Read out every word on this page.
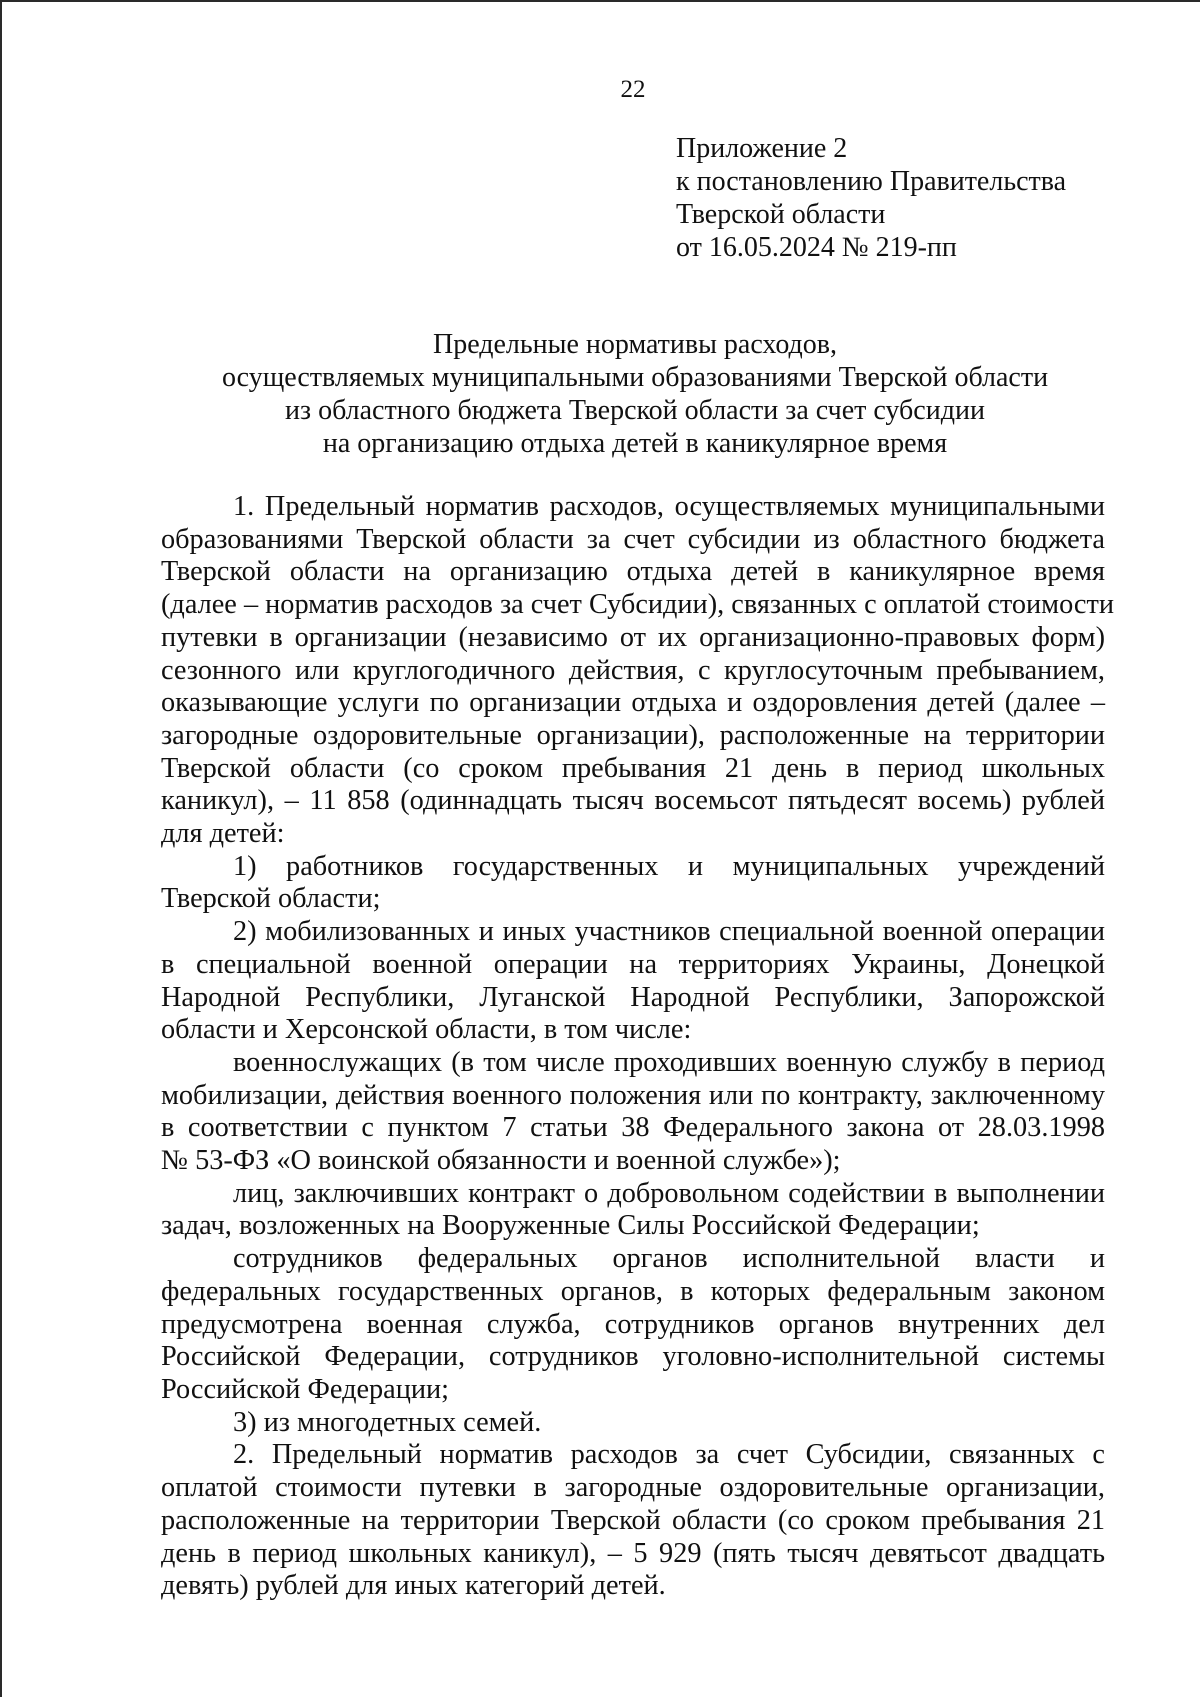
22
Приложение 2
к постановлению Правительства
Тверской области
от 16.05.2024 № 219-пп
Предельные нормативы расходов,
осуществляемых муниципальными образованиями Тверской области
из областного бюджета Тверской области за счет субсидии
на организацию отдыха детей в каникулярное время
1. Предельный норматив расходов, осуществляемых муниципальными
образованиями Тверской области за счет субсидии из областного бюджета
Тверской области на организацию отдыха детей в каникулярное время
(далее – норматив расходов за счет Субсидии), связанных с оплатой стоимости
путевки в организации (независимо от их организационно-правовых форм)
сезонного или круглогодичного действия, с круглосуточным пребыванием,
оказывающие услуги по организации отдыха и оздоровления детей (далее –
загородные оздоровительные организации), расположенные на территории
Тверской области (со сроком пребывания 21 день в период школьных
каникул), – 11 858 (одиннадцать тысяч восемьсот пятьдесят восемь) рублей
для детей:
1) работников государственных и муниципальных учреждений
Тверской области;
2) мобилизованных и иных участников специальной военной операции
в специальной военной операции на территориях Украины, Донецкой
Народной Республики, Луганской Народной Республики, Запорожской
области и Херсонской области, в том числе:
военнослужащих (в том числе проходивших военную службу в период
мобилизации, действия военного положения или по контракту, заключенному
в соответствии с пунктом 7 статьи 38 Федерального закона от 28.03.1998
№ 53-ФЗ «О воинской обязанности и военной службе»);
лиц, заключивших контракт о добровольном содействии в выполнении
задач, возложенных на Вооруженные Силы Российской Федерации;
сотрудников федеральных органов исполнительной власти и
федеральных государственных органов, в которых федеральным законом
предусмотрена военная служба, сотрудников органов внутренних дел
Российской Федерации, сотрудников уголовно-исполнительной системы
Российской Федерации;
3) из многодетных семей.
2. Предельный норматив расходов за счет Субсидии, связанных с
оплатой стоимости путевки в загородные оздоровительные организации,
расположенные на территории Тверской области (со сроком пребывания 21
день в период школьных каникул), – 5 929 (пять тысяч девятьсот двадцать
девять) рублей для иных категорий детей.
